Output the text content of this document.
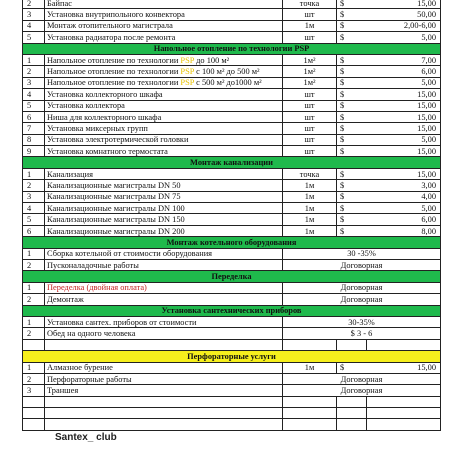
2	Байпас	точка	$	15,00
3	Установка внутрипольного конвектора	шт	$	50,00
4	Монтаж отопительного магистрала	1м	$	2,00-6,00
5	Установка радиатора после ремонта	шт	$	5,00
Напольное отопление по технологии PSP				
1	Напольное отопление по технологии PSP до 100 м²	1м²	$	7,00
2	Напольное отопление по технологии PSP с 100 м² до 500 м²	1м²	$	6,00
3	Напольное отопление по технологии PSP с 500 м² до1000 м²	1м²	$	5,00
4	Установка коллекторного шкафа	шт	$	15,00
5	Установка коллектора	шт	$	15,00
6	Ниша для коллекторного шкафа	шт	$	15,00
7	Установка миксерных групп	шт	$	15,00
8	Установка электротермической головки	шт	$	5,00
9	Установка комнатного термостата	шт	$	15,00
Монтаж канализации				
1	Канализация	точка	$	15,00
2	Канализационные магистралы DN 50	1м	$	3,00
3	Канализационные магистралы DN 75	1м	$	4,00
4	Канализационные магистралы DN 100	1м	$	5,00
5	Канализационные магистралы DN 150	1м	$	6,00
6	Канализационные магистралы DN 200	1м	$	8,00
Монтаж котельного оборудования				
1	Сборка котельной от стоимости оборудования	30 -35%		
2	Пусконаладочные работы	Договорная		
Переделка				
1	Переделка (двойная оплата)	Договорная		
2	Демонтаж	Договорная		
Установка сантехнических приборов				
1	Установка сантех. приборов от стоимости	30-35%		
2	Обед на одного человека	$ 3 - 6		

Перфораторные услуги				
1	Алмазное бурение	1м	$	15,00
2	Перфораторные работы	Договорная		
3	Траншея	Договорная		

Santex_ club
